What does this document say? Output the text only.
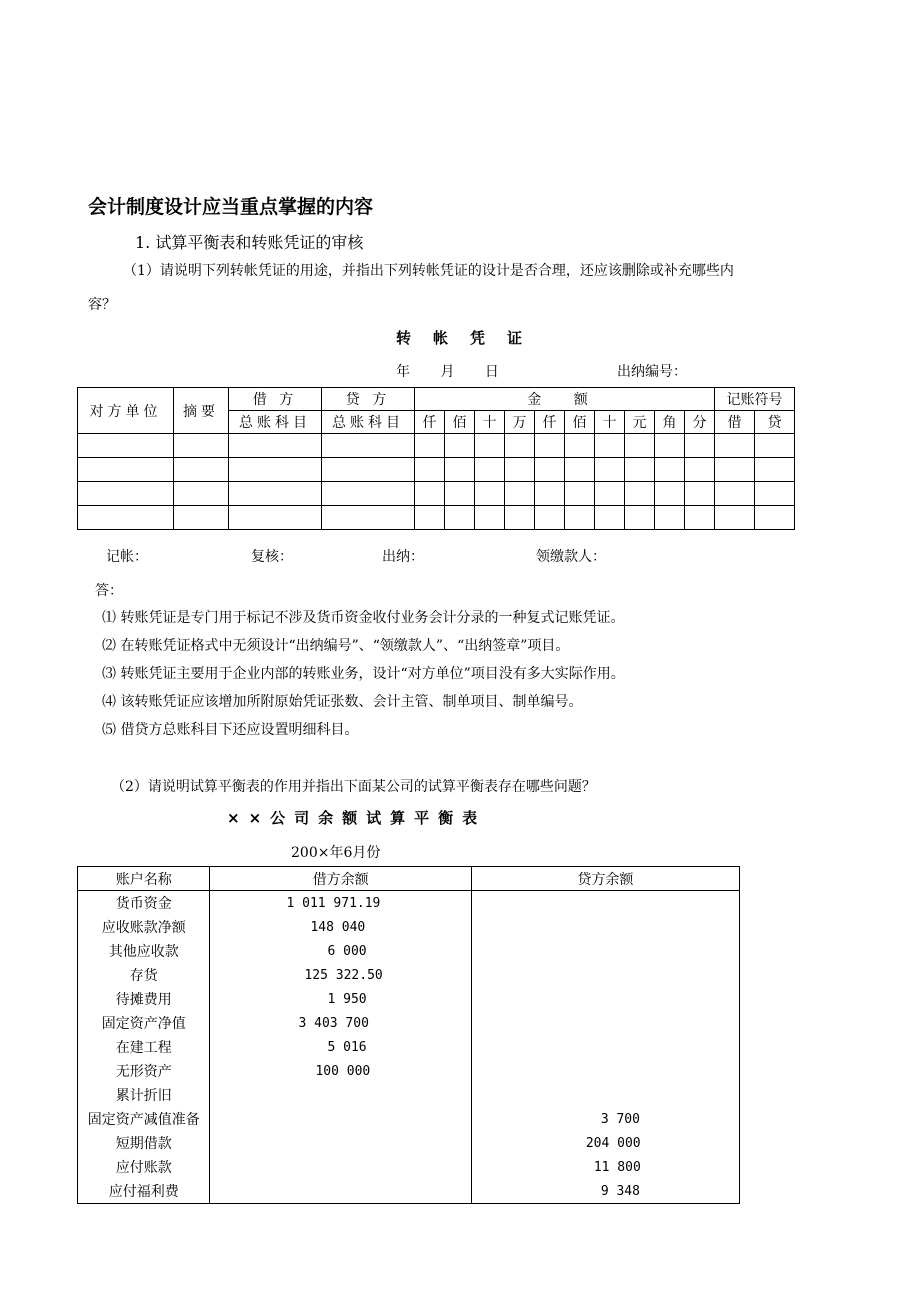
会计制度设计应当重点掌握的内容
1. 试算平衡表和转账凭证的审核
（1）请说明下列转帐凭证的用途，并指出下列转帐凭证的设计是否合理，还应该删除或补充哪些内
容？
转帐凭证
年 月 日	出纳编号：
对方单位	摘要	借 方	贷 方	金 额										记账符号	
		总账科目	总账科目	仟	佰	十	万	仟	佰	十	元	角	分	借	贷

记帐：	复核：	出纳：	领缴款人：
答：
⑴ 转账凭证是专门用于标记不涉及货币资金收付业务会计分录的一种复式记账凭证。
⑵ 在转账凭证格式中无须设计“出纳编号”、“领缴款人”、“出纳签章”项目。
⑶ 转账凭证主要用于企业内部的转账业务，设计“对方单位”项目没有多大实际作用。
⑷ 该转账凭证应该增加所附原始凭证张数、会计主管、制单项目、制单编号。
⑸ 借贷方总账科目下还应设置明细科目。
（2）请说明试算平衡表的作用并指出下面某公司的试算平衡表存在哪些问题？
××公司余额试算平衡表
200×年6月份
账户名称	借方余额	贷方余额
货币资金	1 011 971.19	
应收账款净额	148 040	
其他应收款	6 000	
存货	125 322.50	
待摊费用	1 950	
固定资产净值	3 403 700	
在建工程	5 016	
无形资产	100 000	
累计折旧		
固定资产减值准备		3 700
短期借款		204 000
应付账款		11 800
应付福利费		9 348
